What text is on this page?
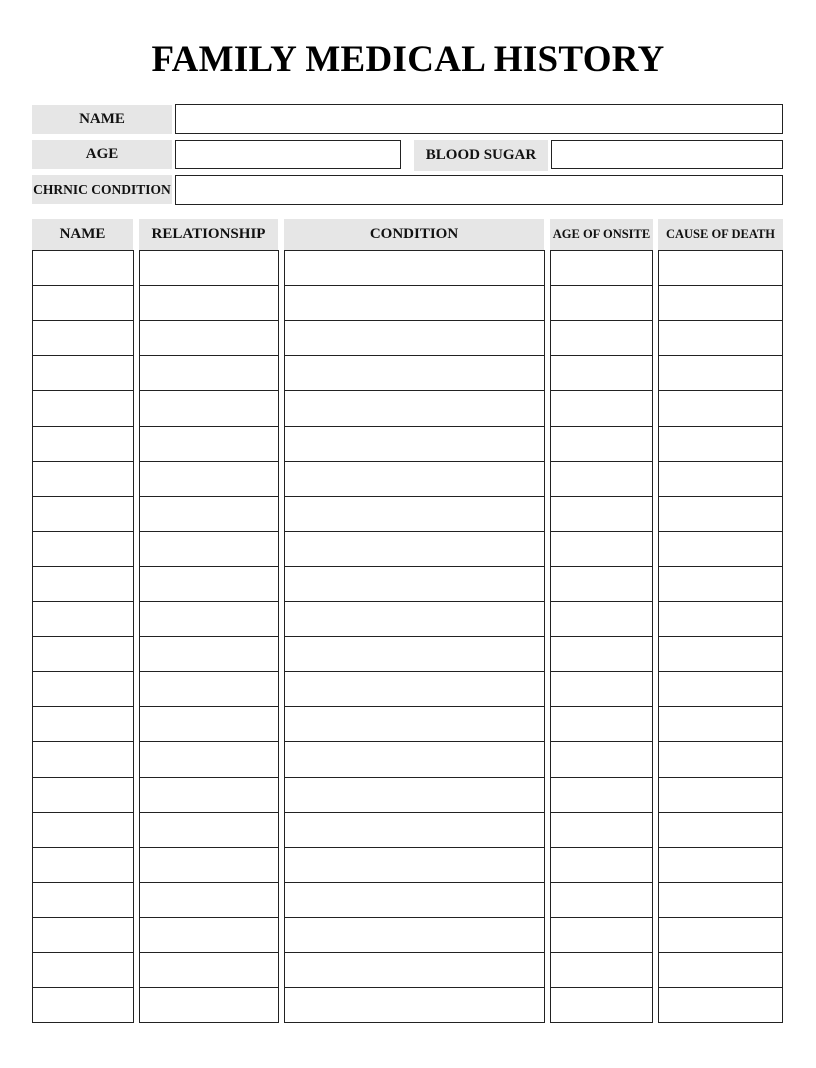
FAMILY MEDICAL HISTORY
NAME
AGE	BLOOD SUGAR
CHRNIC CONDITION
NAME	RELATIONSHIP	CONDITION	AGE OF ONSITE	CAUSE OF DEATH
